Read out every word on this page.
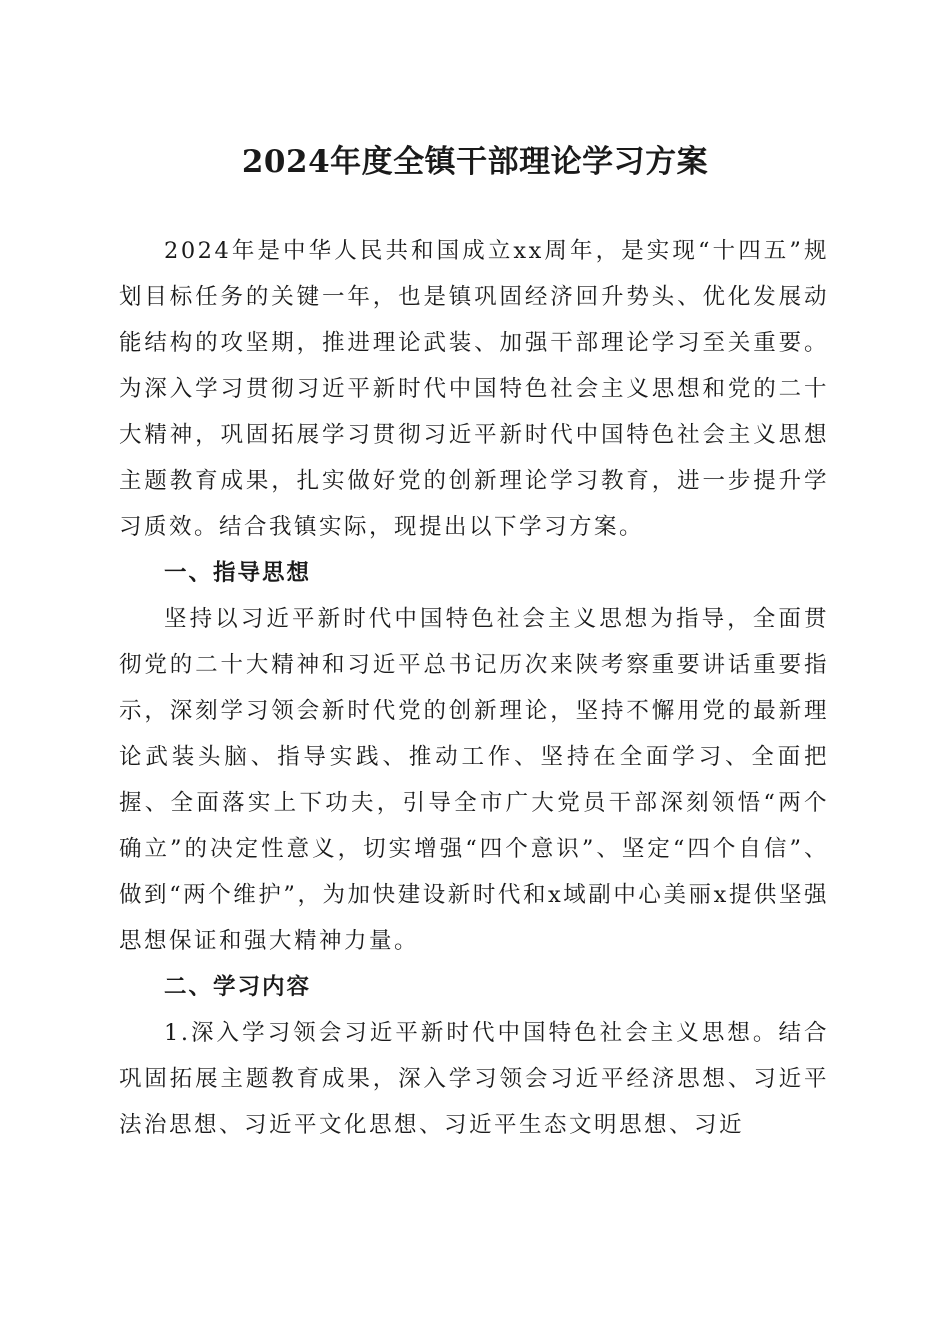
2024年度全镇干部理论学习方案

2024年是中华人民共和国成立xx周年，是实现“十四五”规划目标任务的关键一年，也是镇巩固经济回升势头、优化发展动能结构的攻坚期，推进理论武装、加强干部理论学习至关重要。为深入学习贯彻习近平新时代中国特色社会主义思想和党的二十大精神，巩固拓展学习贯彻习近平新时代中国特色社会主义思想主题教育成果，扎实做好党的创新理论学习教育，进一步提升学习质效。结合我镇实际，现提出以下学习方案。

一、指导思想

坚持以习近平新时代中国特色社会主义思想为指导，全面贯彻党的二十大精神和习近平总书记历次来陕考察重要讲话重要指示，深刻学习领会新时代党的创新理论，坚持不懈用党的最新理论武装头脑、指导实践、推动工作、坚持在全面学习、全面把握、全面落实上下功夫，引导全市广大党员干部深刻领悟“两个确立”的决定性意义，切实增强“四个意识”、坚定“四个自信”、做到“两个维护”，为加快建设新时代和x域副中心美丽x提供坚强思想保证和强大精神力量。

二、学习内容

1.深入学习领会习近平新时代中国特色社会主义思想。结合巩固拓展主题教育成果，深入学习领会习近平经济思想、习近平法治思想、习近平文化思想、习近平生态文明思想、习近
